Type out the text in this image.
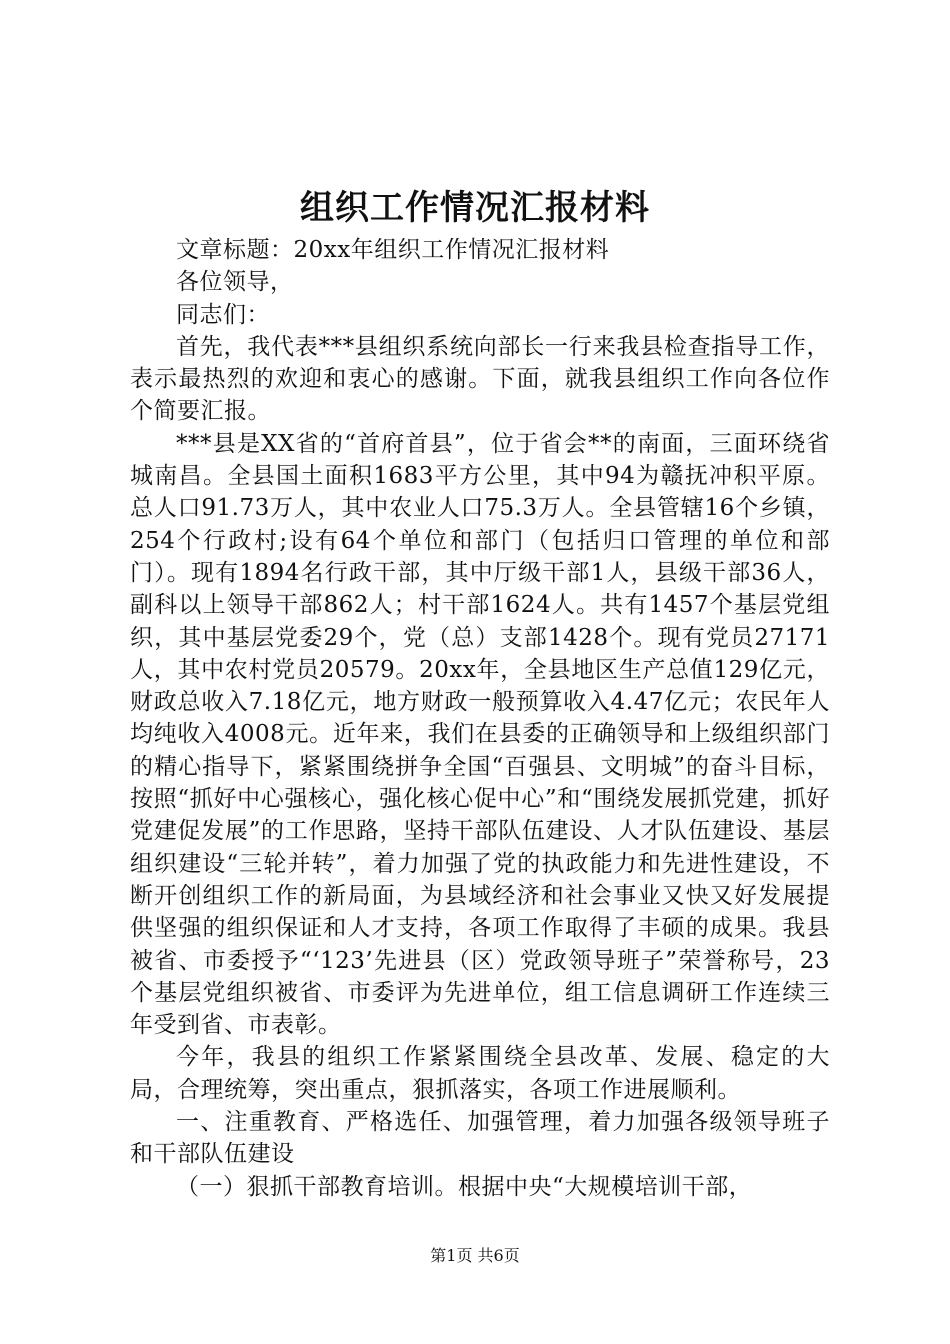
组织工作情况汇报材料

文章标题：20xx年组织工作情况汇报材料

各位领导，

同志们：

首先，我代表***县组织系统向部长一行来我县检查指导工作，表示最热烈的欢迎和衷心的感谢。下面，就我县组织工作向各位作个简要汇报。

***县是XX省的“首府首县”，位于省会**的南面，三面环绕省城南昌。全县国土面积1683平方公里，其中94为赣抚冲积平原。总人口91.73万人，其中农业人口75.3万人。全县管辖16个乡镇，254个行政村;设有64个单位和部门（包括归口管理的单位和部门）。现有1894名行政干部，其中厅级干部1人，县级干部36人，副科以上领导干部862人；村干部1624人。共有1457个基层党组织，其中基层党委29个，党（总）支部1428个。现有党员27171人，其中农村党员20579。20xx年，全县地区生产总值129亿元，财政总收入7.18亿元，地方财政一般预算收入4.47亿元；农民年人均纯收入4008元。近年来，我们在县委的正确领导和上级组织部门的精心指导下，紧紧围绕拼争全国“百强县、文明城”的奋斗目标，按照“抓好中心强核心，强化核心促中心”和“围绕发展抓党建，抓好党建促发展”的工作思路，坚持干部队伍建设、人才队伍建设、基层组织建设“三轮并转”，着力加强了党的执政能力和先进性建设，不断开创组织工作的新局面，为县域经济和社会事业又快又好发展提供坚强的组织保证和人才支持，各项工作取得了丰硕的成果。我县被省、市委授予“‘123’先进县（区）党政领导班子”荣誉称号，23个基层党组织被省、市委评为先进单位，组工信息调研工作连续三年受到省、市表彰。

今年，我县的组织工作紧紧围绕全县改革、发展、稳定的大局，合理统筹，突出重点，狠抓落实，各项工作进展顺利。

一、注重教育、严格选任、加强管理，着力加强各级领导班子和干部队伍建设

（一）狠抓干部教育培训。根据中央“大规模培训干部，

第1页 共6页
